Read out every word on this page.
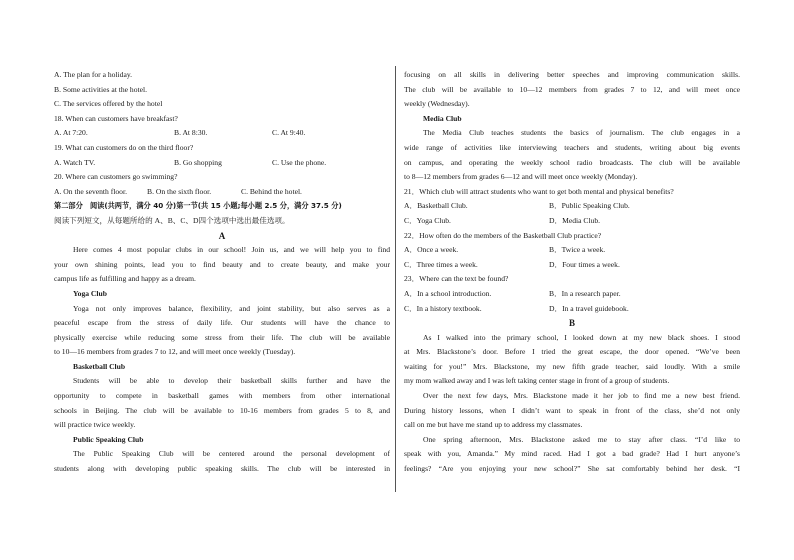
A. The plan for a holiday.
B. Some activities at the hotel.
C. The services offered by the hotel
18. When can customers have breakfast?
A. At 7:20.	B. At 8:30.	C. At 9:40.
19. What can customers do on the third floor?
A. Watch TV.	B. Go shopping	C. Use the phone.
20. Where can customers go swimming?
A. On the seventh floor.	B. On the sixth floor.	C. Behind the hotel.
第二部分　阅读(共两节，满分 40 分)第一节(共 15 小题;每小题 2.5 分，满分 37.5 分)
阅读下列短文，从每题所给的 A、B、C、D四个选项中选出最佳选项。
A
Here comes 4 most popular clubs in our school! Join us, and we will help you to find
your own shining points, lead you to find beauty and to create beauty, and make your
campus life as fulfilling and happy as a dream.
Yoga Club
Yoga not only improves balance, flexibility, and joint stability, but also serves as a
peaceful escape from the stress of daily life. Our students will have the chance to
physically exercise while reducing some stress from their life. The club will be available
to 10—16 members from grades 7 to 12, and will meet once weekly (Tuesday).
Basketball Club
Students will be able to develop their basketball skills further and have the
opportunity to compete in basketball games with members from other international
schools in Beijing. The club will be available to 10-16 members from grades 5 to 8, and
will practice twice weekly.
Public Speaking Club
The Public Speaking Club will be centered around the personal development of
students along with developing public speaking skills. The club will be interested in
focusing on all skills in delivering better speeches and improving communication skills.
The club will be available to 10—12 members from grades 7 to 12, and will meet once
weekly (Wednesday).
Media Club
The Media Club teaches students the basics of journalism. The club engages in a
wide range of activities like interviewing teachers and students, writing about big events
on campus, and operating the weekly school radio broadcasts. The club will be available
to 8—12 members from grades 6—12 and will meet once weekly (Monday).
21．Which club will attract students who want to get both mental and physical benefits?
A．Basketball Club.	B．Public Speaking Club.
C．Yoga Club.	D．Media Club.
22．How often do the members of the Basketball Club practice?
A．Once a week.	B．Twice a week.
C．Three times a week.	D．Four times a week.
23．Where can the text be found?
A．In a school introduction.	B．In a research paper.
C．In a history textbook.	D．In a travel guidebook.
B
As I walked into the primary school, I looked down at my new black shoes. I stood
at Mrs. Blackstone’s door. Before I tried the great escape, the door opened. “We’ve been
waiting for you!” Mrs. Blackstone, my new fifth grade teacher, said loudly. With a smile
my mom walked away and I was left taking center stage in front of a group of students.
Over the next few days, Mrs. Blackstone made it her job to find me a new best friend.
During history lessons, when I didn’t want to speak in front of the class, she’d not only
call on me but have me stand up to address my classmates.
One spring afternoon, Mrs. Blackstone asked me to stay after class. “I’d like to
speak with you, Amanda.” My mind raced. Had I got a bad grade? Had I hurt anyone’s
feelings? “Are you enjoying your new school?” She sat comfortably behind her desk. “I
